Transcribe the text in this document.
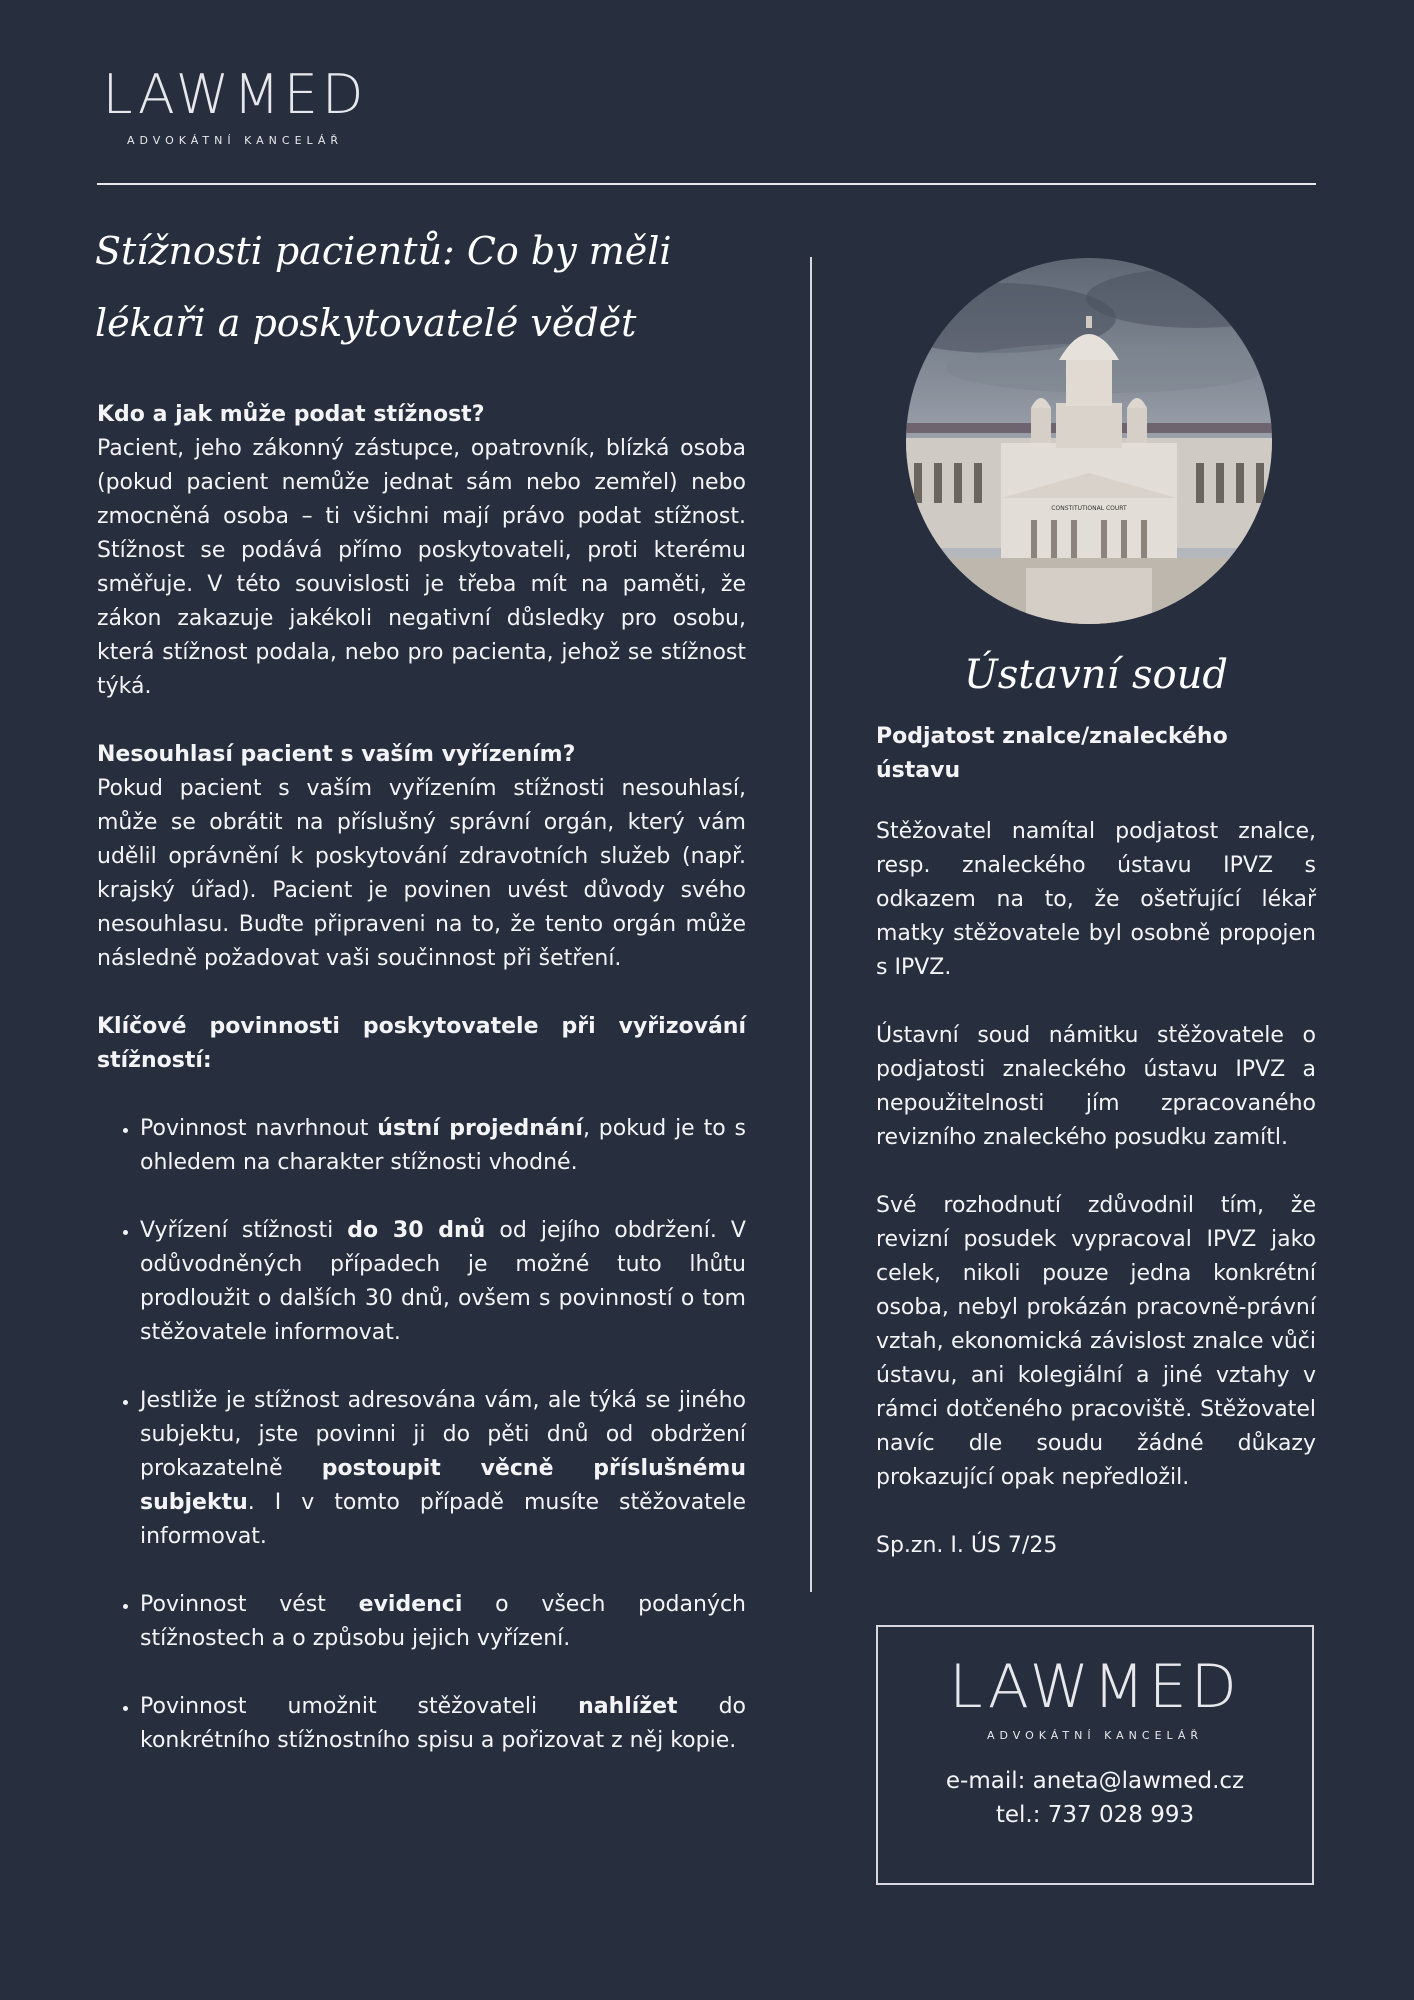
LAWMED
ADVOKÁTNÍ KANCELÁŘ
Stížnosti pacientů: Co by měli lékaři a poskytovatelé vědět
Kdo a jak může podat stížnost?

Pacient, jeho zákonný zástupce, opatrovník, blízká osoba (pokud pacient nemůže jednat sám nebo zemřel) nebo zmocněná osoba – ti všichni mají právo podat stížnost. Stížnost se podává přímo poskytovateli, proti kterému směřuje. V této souvislosti je třeba mít na paměti, že zákon zakazuje jakékoli negativní důsledky pro osobu, která stížnost podala, nebo pro pacienta, jehož se stížnost týká.

Nesouhlasí pacient s vaším vyřízením?

Pokud pacient s vaším vyřízením stížnosti nesouhlasí, může se obrátit na příslušný správní orgán, který vám udělil oprávnění k poskytování zdravotních služeb (např. krajský úřad). Pacient je povinen uvést důvody svého nesouhlasu. Buďte připraveni na to, že tento orgán může následně požadovat vaši součinnost při šetření.

Klíčové povinnosti poskytovatele při vyřizování stížností:
• Povinnost navrhnout ústní projednání, pokud je to s ohledem na charakter stížnosti vhodné.
• Vyřízení stížnosti do 30 dnů od jejího obdržení. V odůvodněných případech je možné tuto lhůtu prodloužit o dalších 30 dnů, ovšem s povinností o tom stěžovatele informovat.
• Jestliže je stížnost adresována vám, ale týká se jiného subjektu, jste povinni ji do pěti dnů od obdržení prokazatelně postoupit věcně příslušnému subjektu. I v tomto případě musíte stěžovatele informovat.
• Povinnost vést evidenci o všech podaných stížnostech a o způsobu jejich vyřízení.
• Povinnost umožnit stěžovateli nahlížet do konkrétního stížnostního spisu a pořizovat z něj kopie.
CONSTITUTIONAL COURT
Ústavní soud
Podjatost znalce/znaleckého ústavu

Stěžovatel namítal podjatost znalce, resp. znaleckého ústavu IPVZ s odkazem na to, že ošetřující lékař matky stěžovatele byl osobně propojen s IPVZ.

Ústavní soud námitku stěžovatele o podjatosti znaleckého ústavu IPVZ a nepoužitelnosti jím zpracovaného revizního znaleckého posudku zamítl.

Své rozhodnutí zdůvodnil tím, že revizní posudek vypracoval IPVZ jako celek, nikoli pouze jedna konkrétní osoba, nebyl prokázán pracovně-právní vztah, ekonomická závislost znalce vůči ústavu, ani kolegiální a jiné vztahy v rámci dotčeného pracoviště. Stěžovatel navíc dle soudu žádné důkazy prokazující opak nepředložil.

Sp.zn. I. ÚS 7/25

LAWMED
ADVOKÁTNÍ KANCELÁŘ
e-mail: aneta@lawmed.cz
tel.: 737 028 993
